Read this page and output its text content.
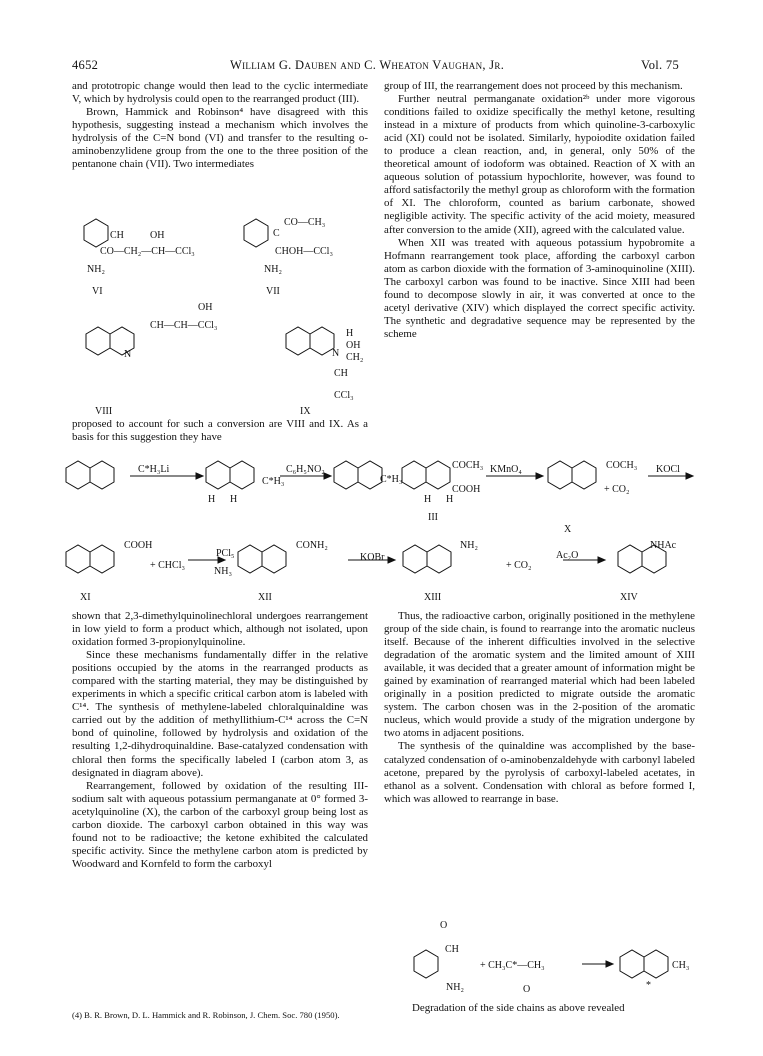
4652	William G. Dauben and C. Wheaton Vaughan, Jr.	Vol. 75

and prototropic change would then lead to the cyclic intermediate V, which by hydrolysis could open to the rearranged product (III).

Brown, Hammick and Robinson⁴ have disagreed with this hypothesis, suggesting instead a mechanism which involves the hydrolysis of the C=N bond (VI) and transfer to the resulting o-aminobenzylidene group from the one to the three position of the pentanone chain (VII). Two intermediates

CH	OH
CO—CH₂—CH—CCl₃
NH₂
VI
CO—CH₃
C
CHOH—CCl₃
NH₂
VII
OH
CH—CH—CCl₃
N
VIII
H
OH
CH₂
N
CH
CCl₃
IX

proposed to account for such a conversion are VIII and IX. As a basis for this suggestion they have

group of III, the rearrangement does not proceed by this mechanism.

Further neutral permanganate oxidation²ᵇ under more vigorous conditions failed to oxidize specifically the methyl ketone, resulting instead in a mixture of products from which quinoline-3-carboxylic acid (XI) could not be isolated. Similarly, hypoiodite oxidation failed to produce a clean reaction, and, in general, only 50% of the theoretical amount of iodoform was obtained. Reaction of X with an aqueous solution of potassium hypochlorite, however, was found to afford satisfactorily the methyl group as chloroform with the formation of XI. The chloroform, counted as barium carbonate, showed negligible activity. The specific activity of the acid moiety, measured after conversion to the amide (XII), agreed with the calculated value.

When XII was treated with aqueous potassium hypobromite a Hofmann rearrangement took place, affording the carboxyl carbon atom as carbon dioxide with the formation of 3-aminoquinoline (XIII). The carboxyl carbon was found to be inactive. Since XIII had been found to decompose slowly in air, it was converted at once to the acetyl derivative (XIV) which displayed the correct specific activity. The synthetic and degradative sequence may be represented by the scheme

C*H₃Li	C₆H₅NO₂	KMnO₄	KOCl
C*H₃
H H
C*H₃
COCH₃
COOH
H H
III
COCH₃
+ CO₂
X
COOH
+ CHCl₃
PCl₅
NH₃
XI
CONH₂
XII
KOBr
NH₂
+ CO₂
XIII
Ac₂O
NHAc
XIV

shown that 2,3-dimethylquinolinechloral undergoes rearrangement in low yield to form a product which, although not isolated, upon oxidation formed 3-propionylquinoline.

Since these mechanisms fundamentally differ in the relative positions occupied by the atoms in the rearranged products as compared with the starting material, they may be distinguished by experiments in which a specific critical carbon atom is labeled with C¹⁴. The synthesis of methylene-labeled chloralquinaldine was carried out by the addition of methyllithium-C¹⁴ across the C=N bond of quinoline, followed by hydrolysis and oxidation of the resulting 1,2-dihydroquinaldine. Base-catalyzed condensation with chloral then forms the specifically labeled I (carbon atom 3, as designated in diagram above).

Rearrangement, followed by oxidation of the resulting III-sodium salt with aqueous potassium permanganate at 0° formed 3-acetylquinoline (X), the carbon of the carboxyl group being lost as carbon dioxide. The carboxyl carbon obtained in this way was found not to be radioactive; the ketone exhibited the calculated specific activity. Since the methylene carbon atom is predicted by Woodward and Kornfeld to form the carboxyl

(4) B. R. Brown, D. L. Hammick and R. Robinson, J. Chem. Soc. 780 (1950).

Thus, the radioactive carbon, originally positioned in the methylene group of the side chain, is found to rearrange into the aromatic nucleus itself. Because of the inherent difficulties involved in the selective degradation of the aromatic system and the limited amount of XIII available, it was decided that a greater amount of information might be gained by examination of rearranged material which had been labeled originally in a position predicted to migrate outside the aromatic system. The carbon chosen was in the 2-position of the aromatic nucleus, which would provide a study of the migration undergone by two atoms in adjacent positions.

The synthesis of the quinaldine was accomplished by the base-catalyzed condensation of o-aminobenzaldehyde with carbonyl labeled acetone, prepared by the pyrolysis of carboxyl-labeled acetates, in ethanol as a solvent. Condensation with chloral as before formed I, which was allowed to rearrange in base.

O
CH
NH₂
+ CH₃C*—CH₃
O
CH₃
*

Degradation of the side chains as above revealed
